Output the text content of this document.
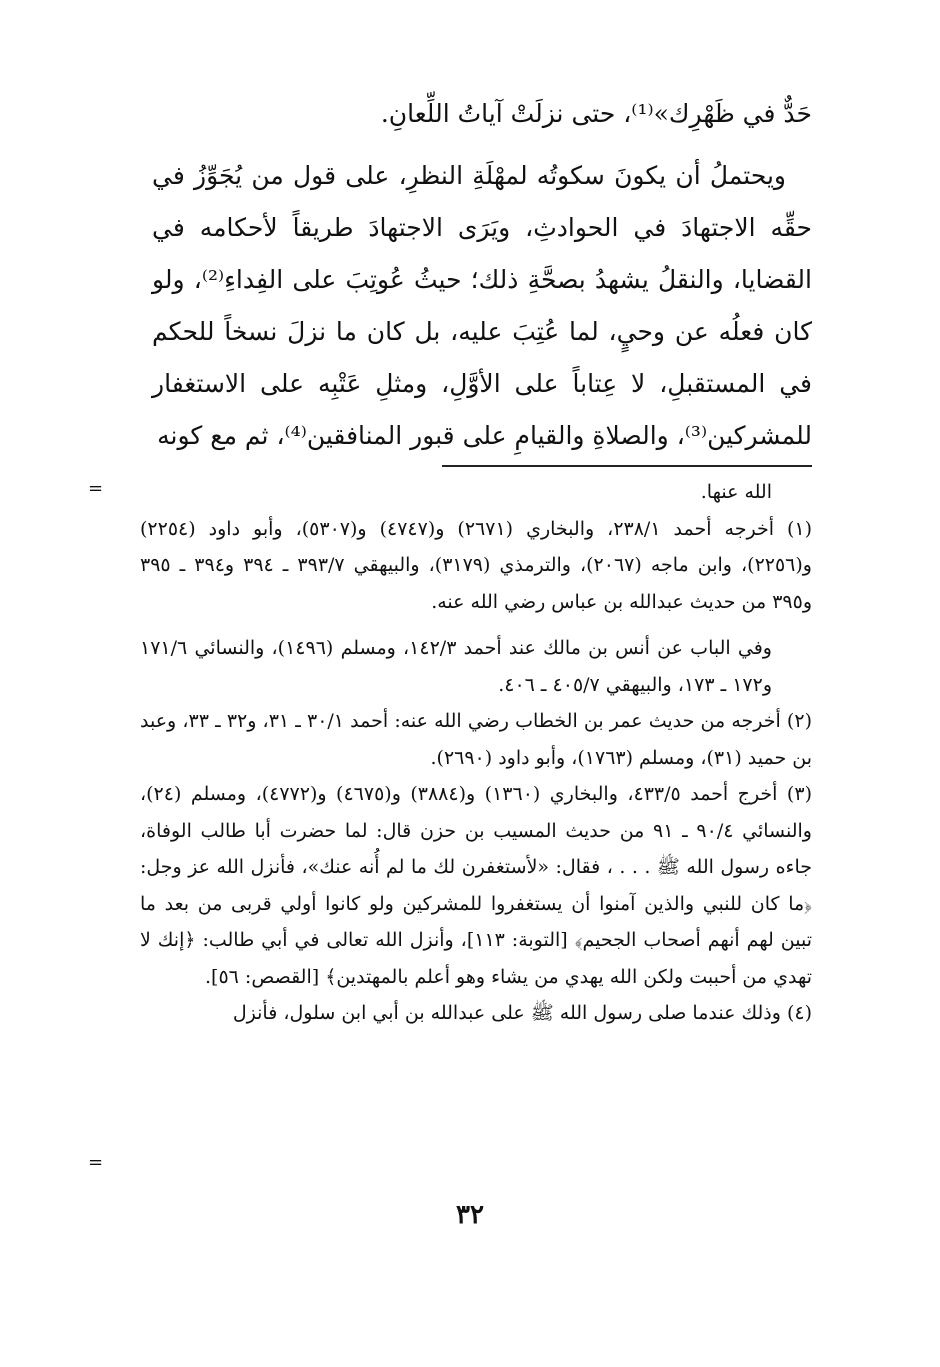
حَدٌّ في ظَهْرِك»⁽¹⁾، حتى نزلَتْ آياتُ اللِّعانِ.

ويحتملُ أن يكونَ سكوتُه لمهْلَةِ النظرِ، على قول من يُجَوِّزُ في حقِّه الاجتهادَ في الحوادثِ، ويَرَى الاجتهادَ طريقاً لأحكامه في القضايا، والنقلُ يشهدُ بصحَّةِ ذلك؛ حيثُ عُوتِبَ على الفِداءِ⁽²⁾، ولو كان فعلُه عن وحيٍ، لما عُتِبَ عليه، بل كان ما نزلَ نسخاً للحكم في المستقبلِ، لا عِتاباً على الأوَّلِ، ومثلِ عَتْبِه على الاستغفار للمشركين⁽³⁾، والصلاةِ والقيامِ على قبور المنافقين⁽⁴⁾، ثم مع كونه

=
=

الله عنها.

(١) أخرجه أحمد ٢٣٨/١، والبخاري (٢٦٧١) و(٤٧٤٧) و(٥٣٠٧)، وأبو داود (٢٢٥٤) و(٢٢٥٦)، وابن ماجه (٢٠٦٧)، والترمذي (٣١٧٩)، والبيهقي ٣٩٣/٧ ـ ٣٩٤ و٣٩٤ ـ ٣٩٥ و٣٩٥ من حديث عبدالله بن عباس رضي الله عنه.

وفي الباب عن أنس بن مالك عند أحمد ١٤٢/٣، ومسلم (١٤٩٦)، والنسائي ١٧١/٦ و١٧٢ ـ ١٧٣، والبيهقي ٤٠٥/٧ ـ ٤٠٦.

(٢) أخرجه من حديث عمر بن الخطاب رضي الله عنه: أحمد ٣٠/١ ـ ٣١، و٣٢ ـ ٣٣، وعبد بن حميد (٣١)، ومسلم (١٧٦٣)، وأبو داود (٢٦٩٠).

(٣) أخرج أحمد ٤٣٣/٥، والبخاري (١٣٦٠) و(٣٨٨٤) و(٤٦٧٥) و(٤٧٧٢)، ومسلم (٢٤)، والنسائي ٩٠/٤ ـ ٩١ من حديث المسيب بن حزن قال: لما حضرت أبا طالب الوفاة، جاءه رسول الله ﷺ . . . ، فقال: «لأستغفرن لك ما لم أُنه عنك»، فأنزل الله عز وجل: ﴿ما كان للنبي والذين آمنوا أن يستغفروا للمشركين ولو كانوا أولي قربى من بعد ما تبين لهم أنهم أصحاب الجحيم﴾ [التوبة: ١١٣]، وأنزل الله تعالى في أبي طالب: ﴿إنك لا تهدي من أحببت ولكن الله يهدي من يشاء وهو أعلم بالمهتدين﴾ [القصص: ٥٦].

(٤) وذلك عندما صلى رسول الله ﷺ على عبدالله بن أبي ابن سلول، فأنزل

٣٢
